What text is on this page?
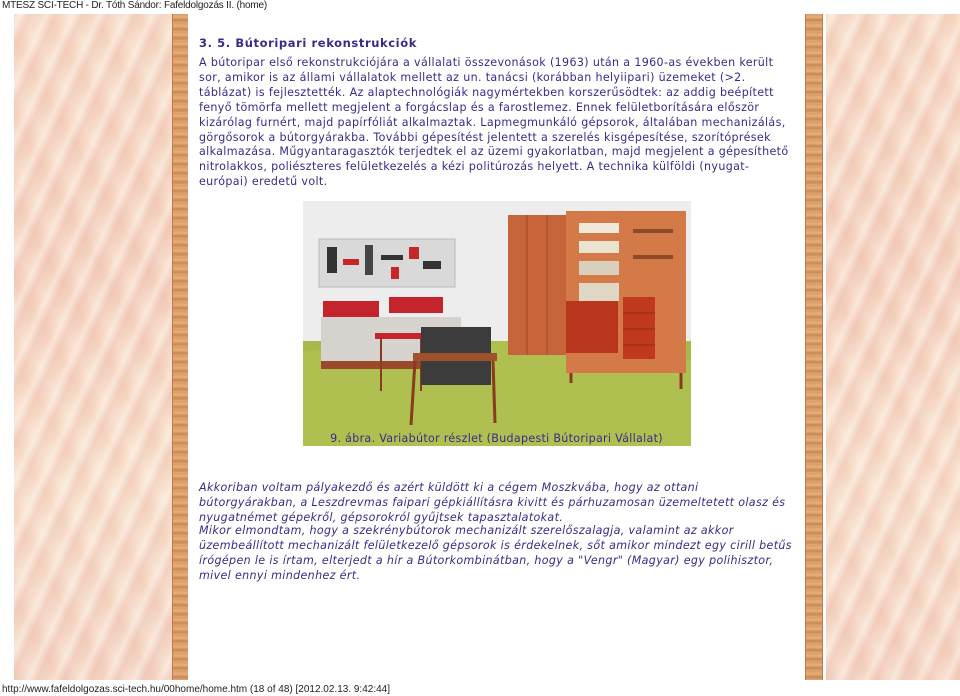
MTESZ SCI-TECH - Dr. Tóth Sándor: Fafeldolgozás II. (home)
3. 5. Bútoripari rekonstrukciók
A bútoripar első rekonstrukciójára a vállalati összevonások (1963) után a 1960-as években került sor, amikor is az állami vállalatok mellett az un. tanácsi (korábban helyiipari) üzemeket (>2. táblázat) is fejlesztették. Az alaptechnológiák nagymértekben korszerűsödtek: az addig beépített fenyő tömörfa mellett megjelent a forgácslap és a farostlemez. Ennek felületborítására először kizárólag furnért, majd papírfóliát alkalmaztak. Lapmegmunkáló gépsorok, általában mechanizálás, görgősorok a bútorgyárakba. További gépesítést jelentett a szerelés kisgépesítése, szorítóprések alkalmazása. Műgyantaragasztók terjedtek el az üzemi gyakorlatban, majd megjelent a gépesíthető nitrolakkos, poliészteres felületkezelés a kézi politúrozás helyett. A technika külföldi (nyugat-európai) eredetű volt.
9. ábra. Variabútor részlet (Budapesti Bútoripari Vállalat)
Akkoriban voltam pályakezdő és azért küldött ki a cégem Moszkvába, hogy az ottani bútorgyárakban, a Leszdrevmas faipari gépkiállításra kivitt és párhuzamosan üzemeltetett olasz és nyugatnémet gépekről, gépsorokról gyűjtsek tapasztalatokat.
Mikor elmondtam, hogy a szekrénybútorok mechanizált szerelőszalagja, valamint az akkor üzembeállított mechanizált felületkezelő gépsorok is érdekelnek, sőt amikor mindezt egy cirill betűs írógépen le is írtam, elterjedt a hír a Bútorkombinátban, hogy a "Vengr" (Magyar) egy polihisztor, mivel ennyi mindenhez ért.
http://www.fafeldolgozas.sci-tech.hu/00home/home.htm (18 of 48) [2012.02.13. 9:42:44]
